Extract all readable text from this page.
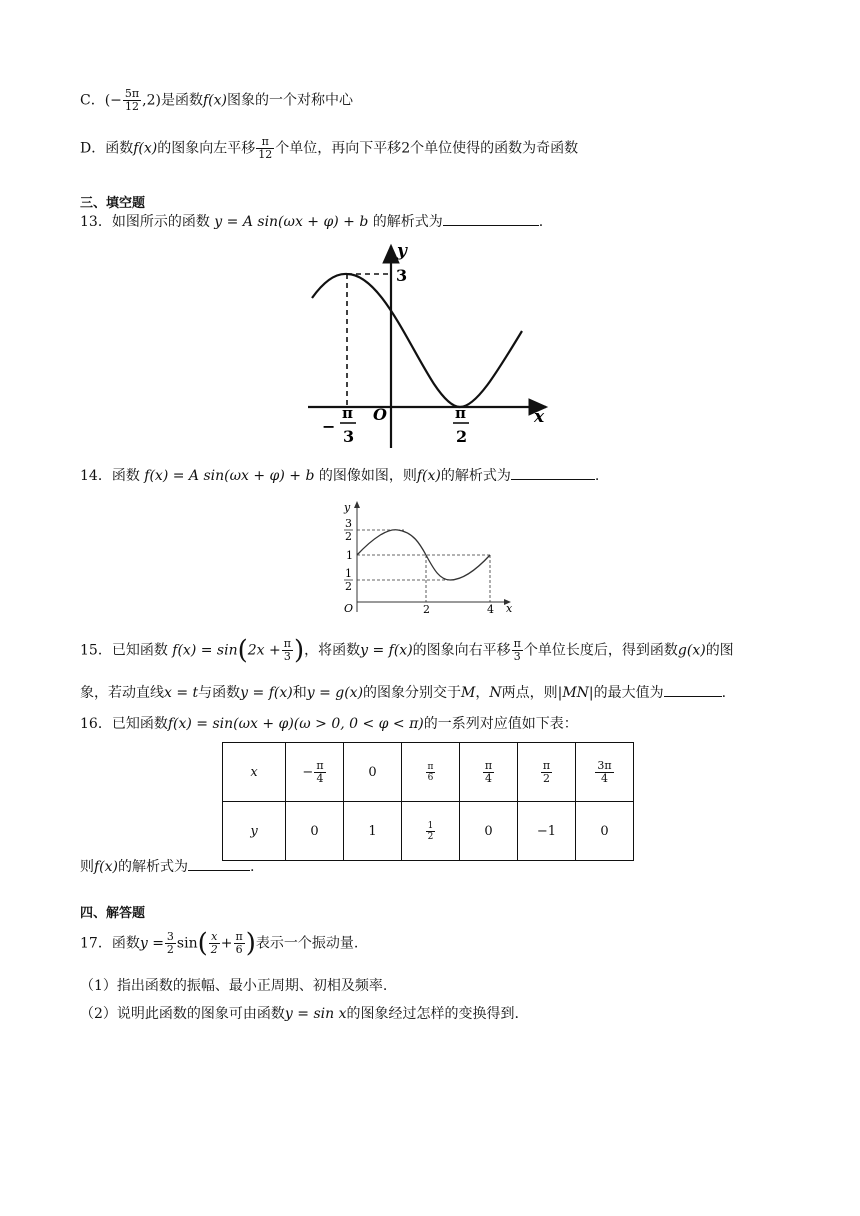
C．(− $\frac{5\pi}{12} ,2$)是函数f(x)图象的一个对称中心
D．函数f(x)的图象向左平移 $\frac{\pi}{12}$ 个单位，再向下平移2个单位使得的函数为奇函数
三、填空题
13．如图所示的函数 y = A sin(ωx + φ) + b 的解析式为	.
y
x
3
O
−
π
3
π
2
14．函数 f(x) = A sin(ωx + φ) + b 的图像如图，则f(x)的解析式为	.
y
x
O
3
2
1
1
2
2	4
15．已知函数 $f(x) = \sin(2x + \frac{\pi}{3}$ )，将函数y = f(x)的图象向右平移 $\frac{\pi}{3}$ 个单位长度后，得到函数g(x)的图
象，若动直线x = t与函数y = f(x)和y = g(x)的图象分别交于M，N两点，则|MN|的最大值为	.
16．已知函数f(x) = sin(ωx + φ)(ω > 0, 0 < φ < π)的一系列对应值如下表：
x	− $\frac{\pi}{4}$	0	$\frac{\pi}{6}$	$\frac{\pi}{4}$	$\frac{\pi}{2}$	$\frac{3\pi}{4}$

y	0	1	$\frac{1}{2}$	0	−1	0
则f(x)的解析式为	.
四、解答题
17．函数$y = \frac{3}{2} \sin( \frac{x}{2} + \frac{\pi}{6}$ )表示一个振动量.
（1）指出函数的振幅、最小正周期、初相及频率.
（2）说明此函数的图象可由函数y = sin x的图象经过怎样的变换得到.
